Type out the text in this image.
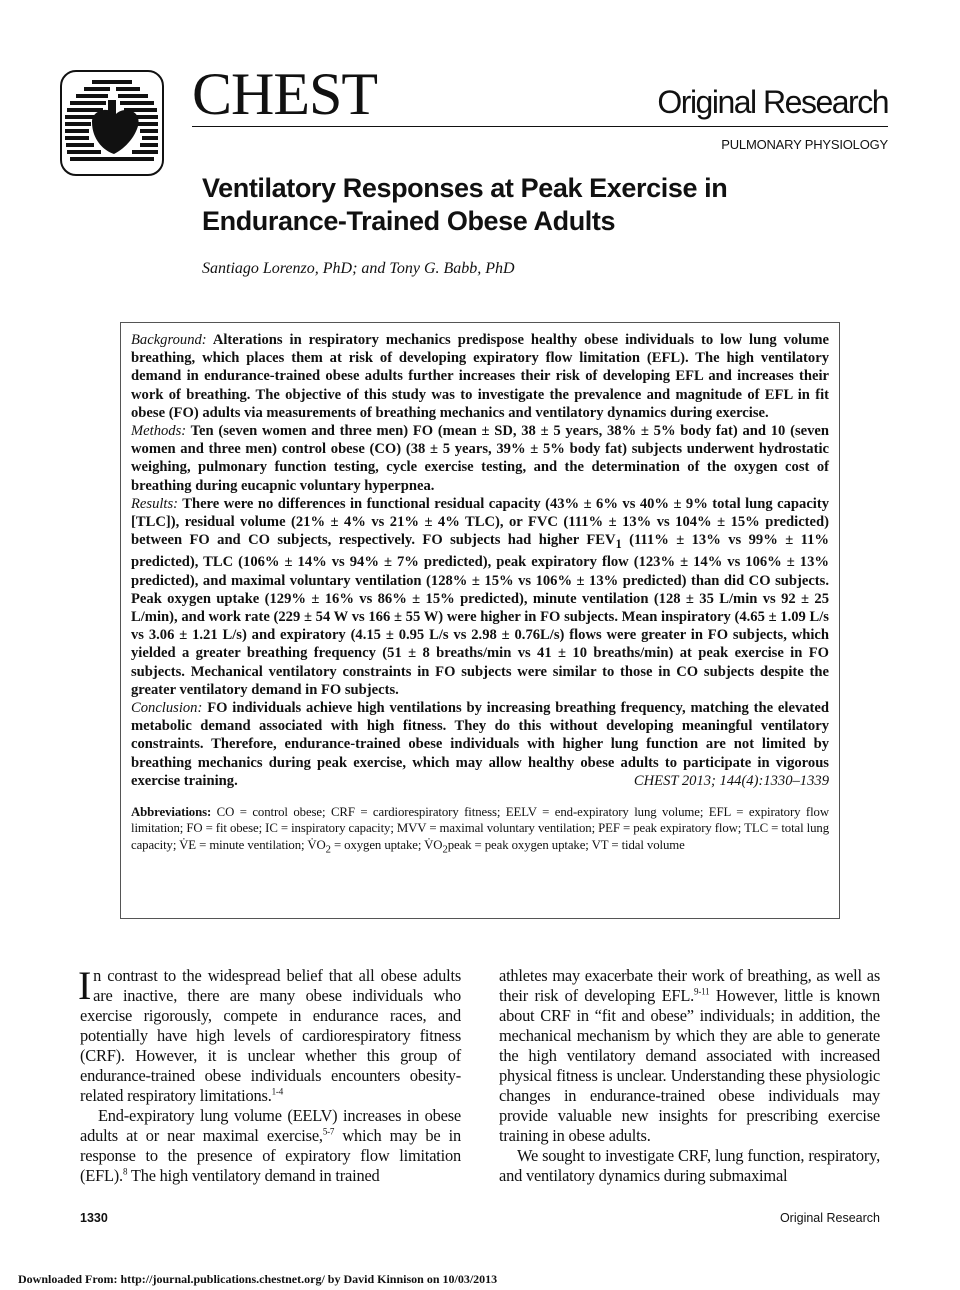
CHEST	Original Research
PULMONARY PHYSIOLOGY
Ventilatory Responses at Peak Exercise in Endurance-Trained Obese Adults
Santiago Lorenzo, PhD; and Tony G. Babb, PhD

Background: Alterations in respiratory mechanics predispose healthy obese individuals to low lung volume breathing, which places them at risk of developing expiratory flow limitation (EFL). The high ventilatory demand in endurance-trained obese adults further increases their risk of developing EFL and increases their work of breathing. The objective of this study was to investigate the prevalence and magnitude of EFL in fit obese (FO) adults via measurements of breathing mechanics and ventilatory dynamics during exercise.
Methods: Ten (seven women and three men) FO (mean ± SD, 38 ± 5 years, 38% ± 5% body fat) and 10 (seven women and three men) control obese (CO) (38 ± 5 years, 39% ± 5% body fat) subjects underwent hydrostatic weighing, pulmonary function testing, cycle exercise testing, and the determination of the oxygen cost of breathing during eucapnic voluntary hyperpnea.
Results: There were no differences in functional residual capacity (43% ± 6% vs 40% ± 9% total lung capacity [TLC]), residual volume (21% ± 4% vs 21% ± 4% TLC), or FVC (111% ± 13% vs 104% ± 15% predicted) between FO and CO subjects, respectively. FO subjects had higher $FEV_1$ (111% ± 13% vs 99% ± 11% predicted), TLC (106% ± 14% vs 94% ± 7% predicted), peak expiratory flow (123% ± 14% vs 106% ± 13% predicted), and maximal voluntary ventilation (128% ± 15% vs 106% ± 13% predicted) than did CO subjects. Peak oxygen uptake (129% ± 16% vs 86% ± 15% predicted), minute ventilation (128 ± 35 L/min vs 92 ± 25 L/min), and work rate (229 ± 54 W vs 166 ± 55 W) were higher in FO subjects. Mean inspiratory (4.65 ± 1.09 L/s vs 3.06 ± 1.21 L/s) and expiratory (4.15 ± 0.95 L/s vs 2.98 ± 0.76L/s) flows were greater in FO subjects, which yielded a greater breathing frequency (51 ± 8 breaths/min vs 41 ± 10 breaths/min) at peak exercise in FO subjects. Mechanical ventilatory constraints in FO subjects were similar to those in CO subjects despite the greater ventilatory demand in FO subjects.
Conclusion: FO individuals achieve high ventilations by increasing breathing frequency, matching the elevated metabolic demand associated with high fitness. They do this without developing meaningful ventilatory constraints. Therefore, endurance-trained obese individuals with higher lung function are not limited by breathing mechanics during peak exercise, which may allow healthy obese adults to participate in vigorous exercise training.	CHEST 2013; 144(4):1330–1339

Abbreviations: CO = control obese; CRF = cardiorespiratory fitness; EELV = end-expiratory lung volume; EFL = expiratory flow limitation; FO = fit obese; IC = inspiratory capacity; MVV = maximal voluntary ventilation; PEF = peak expiratory flow; TLC = total lung capacity; V̇E = minute ventilation; $V̇O_2$ = oxygen uptake; $V̇O_2peak$ = peak oxygen uptake; VT = tidal volume

In contrast to the widespread belief that all obese adults are inactive, there are many obese individuals who exercise rigorously, compete in endurance races, and potentially have high levels of cardiorespiratory fitness (CRF). However, it is unclear whether this group of endurance-trained obese individuals encounters obesity-related respiratory limitations.$^{1-4}$

End-expiratory lung volume (EELV) increases in obese adults at or near maximal exercise,$^{5-7}$ which may be in response to the presence of expiratory flow limitation (EFL).$^8$ The high ventilatory demand in trained

athletes may exacerbate their work of breathing, as well as their risk of developing EFL.$^{9-11}$ However, little is known about CRF in “fit and obese” individuals; in addition, the mechanical mechanism by which they are able to generate the high ventilatory demand associated with increased physical fitness is unclear. Understanding these physiologic changes in endurance-trained obese individuals may provide valuable new insights for prescribing exercise training in obese adults.

We sought to investigate CRF, lung function, respiratory, and ventilatory dynamics during submaximal

1330	Original Research
Downloaded From: http://journal.publications.chestnet.org/ by David Kinnison on 10/03/2013
